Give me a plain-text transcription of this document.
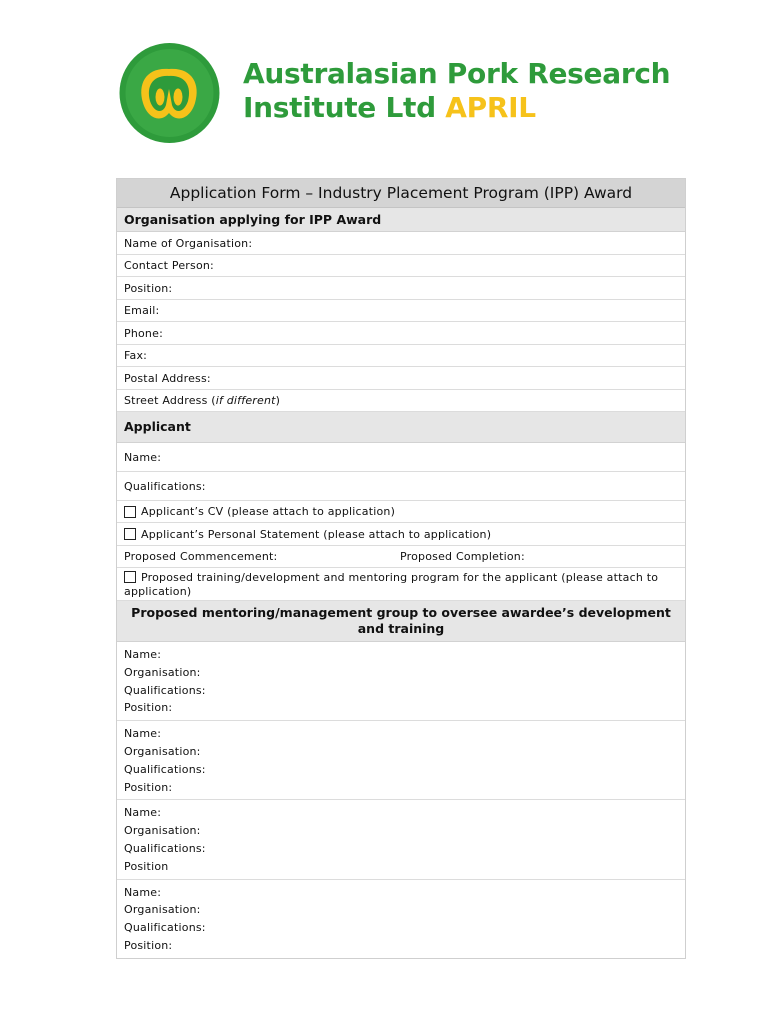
Australasian Pork Research
Institute Ltd APRIL
Application Form – Industry Placement Program (IPP) Award
Organisation applying for IPP Award
Name of Organisation:
Contact Person:
Position:
Email:
Phone:
Fax:
Postal Address:
Street Address ( if different )
Applicant
Name:
Qualifications:
Applicant’s CV (please attach to application)
Applicant’s Personal Statement (please attach to application)
Proposed Commencement:	Proposed Completion:
Proposed training/development and mentoring program for the applicant (please attach to application)
Proposed mentoring/management group to oversee awardee’s development and training
Name:
Organisation:
Qualifications:
Position:
Name:
Organisation:
Qualifications:
Position:
Name:
Organisation:
Qualifications:
Position
Name:
Organisation:
Qualifications:
Position:
